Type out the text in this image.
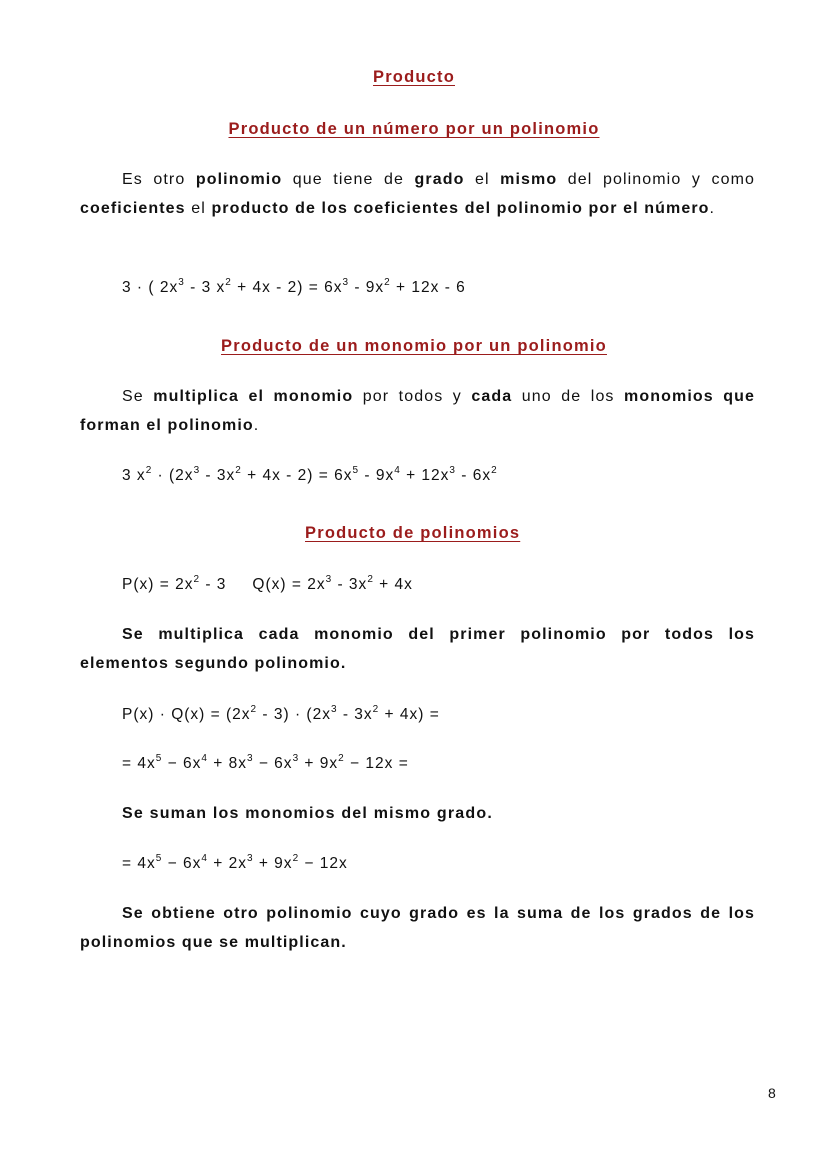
Producto
Producto de un número por un polinomio
Es otro polinomio que tiene de grado el mismo del polinomio y como coeficientes el producto de los coeficientes del polinomio por el número.
3 · ( $2x^3 - 3$ $x^2 + 4x - 2) = 6x^3 - 9x^2 + 12x - 6$
Producto de un monomio por un polinomio
Se multiplica el monomio por todos y cada uno de los monomios que forman el polinomio.
3 $x^2 \cdot (2x^3 - 3x^2 + 4x - 2) = 6x^5 - 9x^4 + 12x^3 - 6x^2$
Producto de polinomios
$P(x) = 2x^2 - 3$ $Q(x) = 2x^3 - 3x^2 + 4x$
Se multiplica cada monomio del primer polinomio por todos los elementos segundo polinomio.
$P(x) \cdot Q(x) = (2x^2 - 3) \cdot (2x^3 - 3x^2 + 4x)$ =
= $4x^5 - 6x^4 + 8x^3 - 6x^3 + 9x^2 - 12x$ =
Se suman los monomios del mismo grado.
= $4x^5 - 6x^4 + 2x^3 + 9x^2 - 12x$
Se obtiene otro polinomio cuyo grado es la suma de los grados de los polinomios que se multiplican.
8
